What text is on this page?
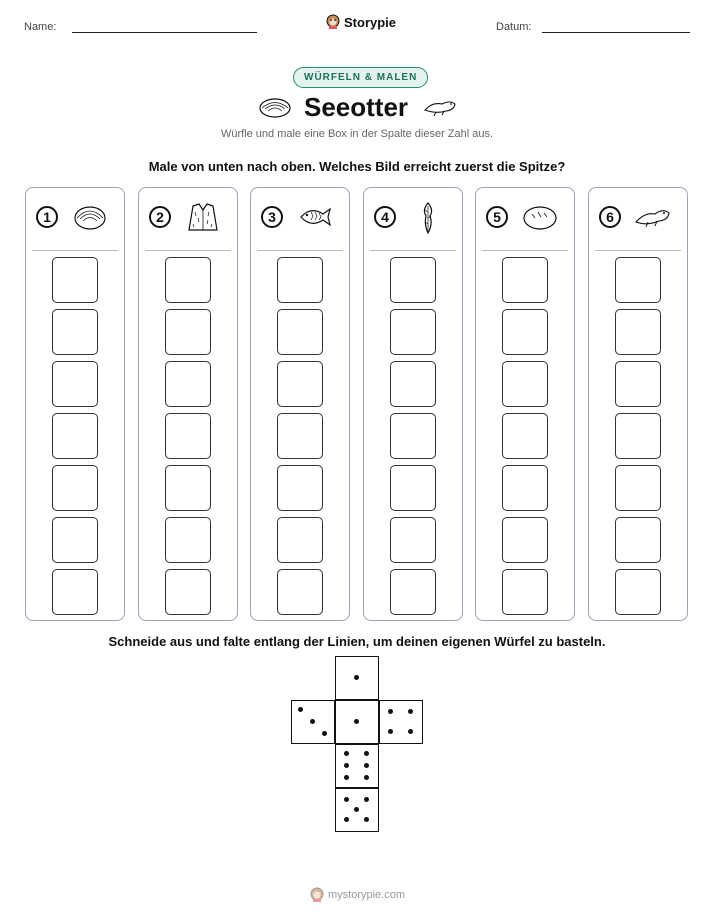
Name:	Storypie	Datum:
WÜRFELN & MALEN
Seeotter
Würfle und male eine Box in der Spalte dieser Zahl aus.
Male von unten nach oben. Welches Bild erreicht zuerst die Spitze?
1	2	3	4	5	6
Schneide aus und falte entlang der Linien, um deinen eigenen Würfel zu basteln.
mystorypie.com
